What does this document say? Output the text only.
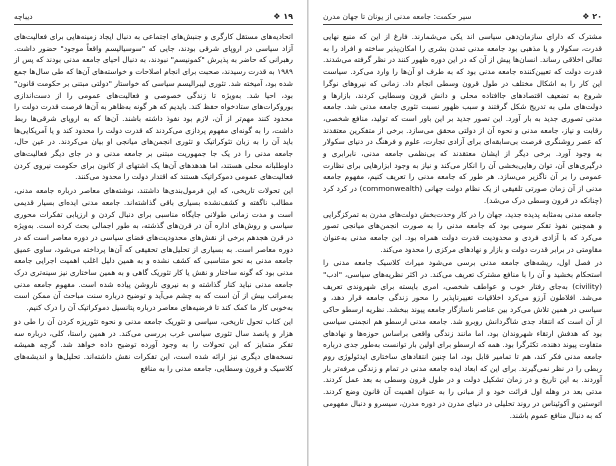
۱۹ ❖
دیباچه

اتحادیه‌های مستقل کارگری و جنبش‌های اجتماعی به دنبال ایجاد زمینه‌هایی برای فعالیت‌های آزاد سیاسی در اروپای شرقی بودند، جایی که "سوسیالیسم واقعاً موجود" حضور داشت. رهبرانی که حاضر به پذیرش "کمونیسم" نبودند، به دنبال احیای جامعه مدنی بودند که پس از ۱۹۸۹ به قدرت رسیدند، صحبت برای انجام اصلاحات و خواسته‌های آن‌ها که طی سال‌ها جمع شده بود، آمیخته شد. تئوری لیبرالیسم سیاسی که خواستار "دولتی مبتنی بر حکومت قانون" بود، احیا شد. به‌ویژه تا زندگی خصوصی و فعالیت‌های عمومی را از دست‌اندازی بوروکرات‌های ستادخواه حفظ کند. بایدیم که هر گونه به‌ظاهر به آن‌ها فرصت قدرت دولت را محدود کنند مهم‌تر از آن، لازم بود نفوذ داشته باشند. آن‌ها که به اروپای شرقی‌ها ربط داشت، را به گونه‌ای مفهوم پردازی می‌کردند که قدرت دولت را محدود کند و یا آمریکایی‌ها باید آن را به زبان تئوکراتیک و تئوری انجمن‌های میانجی او بیان می‌کردند. در عین حال، جامعه مدنی را در یک جا جمهوریت مبتنی بر جامعه مدنی و در جای دیگر فعالیت‌های داوطلبانه محلی هستند، اما هدهدهای آن‌ها یک اشتهای از کانون برای حکومت نیروی کردن فعالیت‌های عمومی دموکراتیک هستند که اقتدار دولت را محدود می‌کنند.

این تحولات تاریخی، که این فرمول‌بندی‌ها داشتند، نوشته‌های معاصر درباره جامعه مدنی، مطالب ناگفته و کشف‌نشده بسیاری باقی گذاشته‌اند. جامعه مدنی ایده‌ای بسیار قدیمی است و مدت زمانی طولانی جایگاه مناسبی برای دنبال کردن و ارزیابی تفکرات محوری سیاسی و روش‌های اداره آن در قرن‌های گذشته، به طور اجمالی بحث کرده است. به‌ویژه در قرن هجدهم برخی از نقش‌های محدودیت‌های فضای سیاسی در دوره معاصر است که در دوره معاصر است. به بسیاری از تحلیل‌های تحقیقی که آن‌ها پرداخته می‌شود، ساوی عمیق جامعه مدنی به نحو متناسبی که کشف نشده و به همین دلیل اغلب اهمیت اجرایی جامعه مدنی بود که گونه ساختار و نقش یا کار تئوریک گاهی و به همین ساختاری نیز سینه‌تری درک جامعه مدنی نباید کنار گذاشته و به نیروی ناروشن پیاده شده است. مفهوم جامعه مدنی به‌مراتب بیش از آن است که به چشم می‌آید و توضیح درباره سنت مباحث آن ممکن است به‌خوبی کار ما کمک کند تا فرضیه‌های معاصر درباره پتانسیل دموکراتیک آن را درک کنیم.

این کتاب تحول تاریخی، سیاسی و تئوریک جامعه مدنی و نحوه تئوریزه کردن آن را طی دو هزار و پانصد سال تئوری سیاسی غرب بررسی می‌کند. در همین راستا، کلی، درباره سه تفکر متمایز که این تحولات را به وجود آورده توضیح داده خواهد شد. گرچه همیشه نسخه‌های دیگری نیز ارائه شده است، این تفکرات نقش داشته‌اند. تحلیل‌ها و اندیشه‌های کلاسیک و قرون وسطایی، جامعه مدنی را به منافع

۲۰ ❖
سیر حکمت: جامعه مدنی از یونان تا جهان مدرن

مشترک که دارای سازمان‌دهی سیاسی اند یکی می‌شمارند. فارغ از این که منبع نهایی قدرت، سکولار و یا مذهبی بود جامعه مدنی تمدن بشری را امکان‌پذیر ساخته و افراد را به تعالی اخلاقی رساند. انسان‌ها پیش از آن که در این دوره ظهور کنند در نظر گرفته می‌شدند. قدرت دولت که تعیین‌کننده جامعه مدنی بود که به طرف او آن‌ها را وارد می‌کرد. سیاست این کار را به اشکال مختلف در طول قرون وسطی انجام داد. زمانی که نیروهای نوگرا شروع به تضعیف اقتصادهای جاافتاده محلی و دانش قرون وسطایی کردند، بازارها و دولت‌های ملی به تدریج شکل گرفتند و سبب ظهور نسبت تئوری جامعه مدنی شد. جامعه مدنی تصوری جدید به بار آورد. این تصور جدید بر این باور است که تولید، منافع شخصی، رقابت و نیاز، جامعه مدنی و نحوه آن از دولتی محقق می‌سازد. برخی از متفکرین معتقدند که عصر روشنگری فرصت بی‌سابقه‌ای برای آزادی تجارت، علوم و فرهنگ در دنیای سکولار به وجود آورد. برخی دیگر از ایشان معتقدند که بی‌نظمی جامعه مدنی، نابرابری و درگیری‌های آن، توان رهایی‌بخشی آن را انکار می‌کند و نیاز به وجود ابزارهایی برای نظارت عمومی را بر آن ناگزیر می‌سازد. هر طور که جامعه مدنی را تعریف کنیم، مفهوم جامعه مدنی از آن زمان صورتی تلفیقی از یک نظام دولت جهانی (commonwealth) در کرد کرد (چنانکه در قرون وسطی درک می‌شد).

جامعه مدنی به‌مثابه پدیده جدید، جهان را در کار وحدت‌بخش دولت‌های مدرن به تمرکزگرایی و همچنین نفوذ تفکر سومی بود که جامعه مدنی را به صورت انجمن‌های میانجی تصور می‌کرد که با آزادی فردی و محدودیت قدرت دولت همراه بود. این جامعه مدنی به‌عنوان مقاومتی در برابر قدرت دولت و بازار و نهادهای مرکزی را محدود می‌کند.

در فصل اول، ریشه‌های جامعه مدنی برسی می‌شود میراث کلاسیک جامعه مدنی را استحکام بخشید و آن را با منافع مشترک تعریف می‌کند. در اکثر نظریه‌های سیاسی، "ادب" (civility) به‌جای رفتار خوب و عواطف شخصی، امری بایسته برای شهروندی تعریف می‌شد. افلاطون آرزو می‌کرد اخلاقیات تغییرناپذیر را محور زندگی جامعه قرار دهد، و سیاسی در همین تلاش می‌کرد بین عناصر ناسازگار جامعه پیوند ببخشد. نظریه ارسطو حاکی از آن است که انتقاد جدی شاگردانش روبرو شد. جامعه مدنی ارسطو هم انجمنی سیاسی بود که هدفش ارتقاء شهروندان بود، اما مانند زندگی واقعی براساس حوزه‌ها و نهادهای متفاوت پیوند دهنده، تکثرگرا بود. همه که ارسطو برای اولین بار توانست به‌طور جدی درباره جامعه مدنی فکر کند، هم تا تمامیر قابل بود، اما چنین انتقادهای ساختاری ایدئولوژی روم ربطی را در نظر نمی‌گیرند. برای این که ابعاد ایده جامعه مدنی در تمام و زندگی مرفه‌تر بار آوردند. به این تاریخ و در زمان تشکیل دولت و در طول قرون وسطی به بعد عمل کردند. مدتی بعد در وهله اول قرائت خود و از مبانی را به عنوان اهمیت آن قانون وضع کردند. اتوستین و آکوئیناس در روند تحلیلی در دنیای مدرن در دوره مدرن، سیسرو و دنبال مفهومی که به دنبال منافع عموم باشند.
